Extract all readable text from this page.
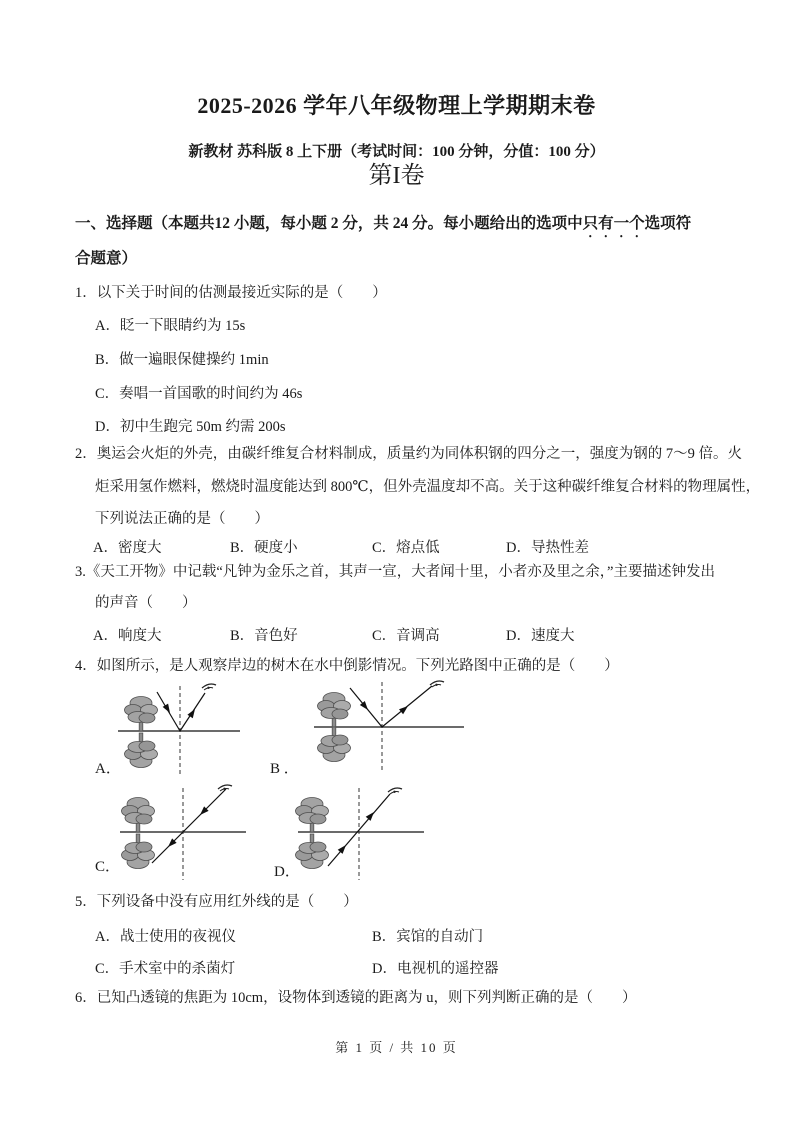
2025-2026 学年八年级物理上学期期末卷
新教材 苏科版 8 上下册（考试时间：100 分钟，分值：100 分）
第I卷
一、选择题（本题共12 小题，每小题 2 分，共 24 分。每小题给出的选项中只有一个选项符
合题意）
1．以下关于时间的估测最接近实际的是（　　）
A．眨一下眼睛约为 15s
B．做一遍眼保健操约 1min
C．奏唱一首国歌的时间约为 46s
D．初中生跑完 50m 约需 200s
2．奥运会火炬的外壳，由碳纤维复合材料制成，质量约为同体积钢的四分之一，强度为钢的 7～9 倍。火
炬采用氢作燃料，燃烧时温度能达到 800℃，但外壳温度却不高。关于这种碳纤维复合材料的物理属性，
下列说法正确的是（　　）
A．密度大	B．硬度小	C．熔点低	D．导热性差
3.《天工开物》中记载“凡钟为金乐之首，其声一宣，大者闻十里，小者亦及里之余，”主要描述钟发出
的声音（　　）
A．响度大	B．音色好	C．音调高	D．速度大
4．如图所示，是人观察岸边的树木在水中倒影情况。下列光路图中正确的是（　　）
A．	B ．
C．	D．
5．下列设备中没有应用红外线的是（　　）
A．战士使用的夜视仪	B．宾馆的自动门
C．手术室中的杀菌灯	D．电视机的遥控器
6．已知凸透镜的焦距为 10cm，设物体到透镜的距离为 u，则下列判断正确的是（　　）
第 1 页 / 共 10 页
